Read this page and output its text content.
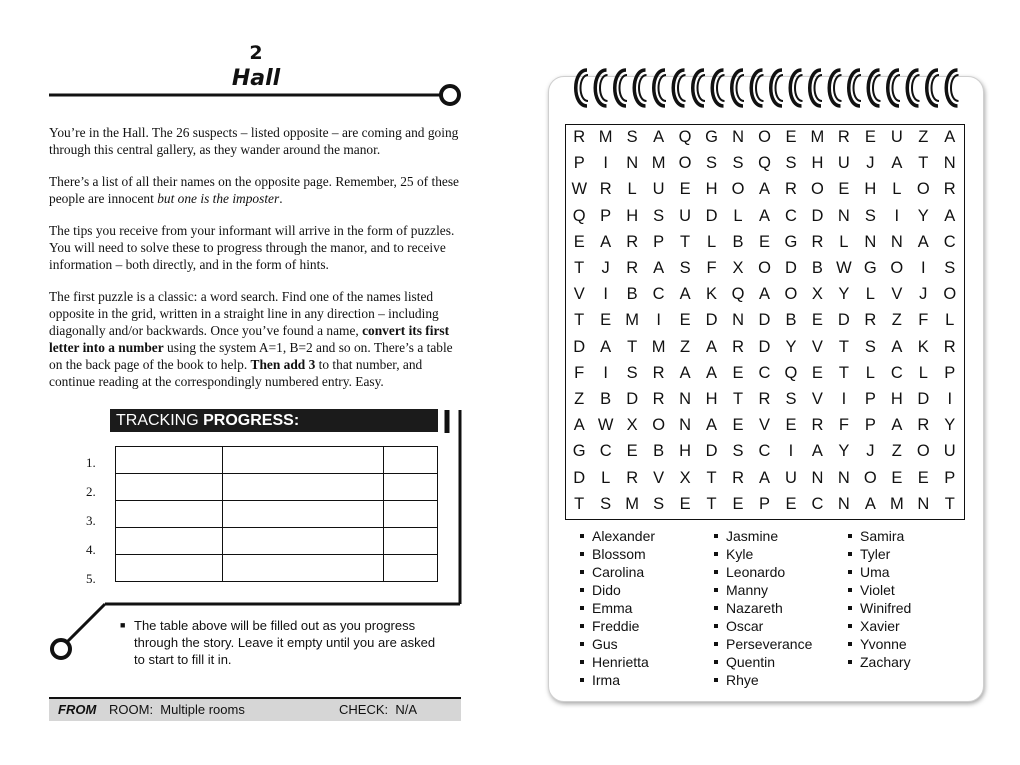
2
Hall

You’re in the Hall. The 26 suspects – listed opposite – are coming and going through this central gallery, as they wander around the manor.

There’s a list of all their names on the opposite page. Remember, 25 of these people are innocent but one is the imposter.

The tips you receive from your informant will arrive in the form of puzzles. You will need to solve these to progress through the manor, and to receive information – both directly, and in the form of hints.

The first puzzle is a classic: a word search. Find one of the names listed opposite in the grid, written in a straight line in any direction – including diagonally and/or backwards. Once you’ve found a name, convert its first letter into a number using the system A=1, B=2 and so on. There’s a table on the back page of the book to help. Then add 3 to that number, and continue reading at the correspondingly numbered entry. Easy.

TRACKING PROGRESS:
1.
2.
3.
4.
5.

■ The table above will be filled out as you progress through the story. Leave it empty until you are asked to start to fill it in.
FROM ROOM: Multiple rooms	CHECK: N/A
R M S A Q G N O E M R E U Z A
P	I	N M O S S Q S H U J	A T N
W R L U E H O A R O E H L O R
Q P H S U D L A C D N S	I	Y A
E A R P T	L B E G R L N N A C
T	J R A S F X O D B W G O	I	S
V	I	B C A K Q A O X Y L V	J O
T E M	I	E D N D B E D R Z F	L
D A T M Z A R D Y V T S A K R
F	I	S R A A E C Q E T	L C L P
Z B D R N H T R S V	I	P H D	I
A W X O N A E V E R F P A R Y
G C E B H D S C	I	A Y	J	Z O U
D L R V X T R A U N N O E E P
T S M S E T E P E C N A M N T
Alexander
Blossom
Carolina
Dido
Emma
Freddie
Gus
Henrietta
Irma
Jasmine
Kyle
Leonardo
Manny
Nazareth
Oscar
Perseverance
Quentin
Rhye
Samira
Tyler
Uma
Violet
Winifred
Xavier
Yvonne
Zachary
